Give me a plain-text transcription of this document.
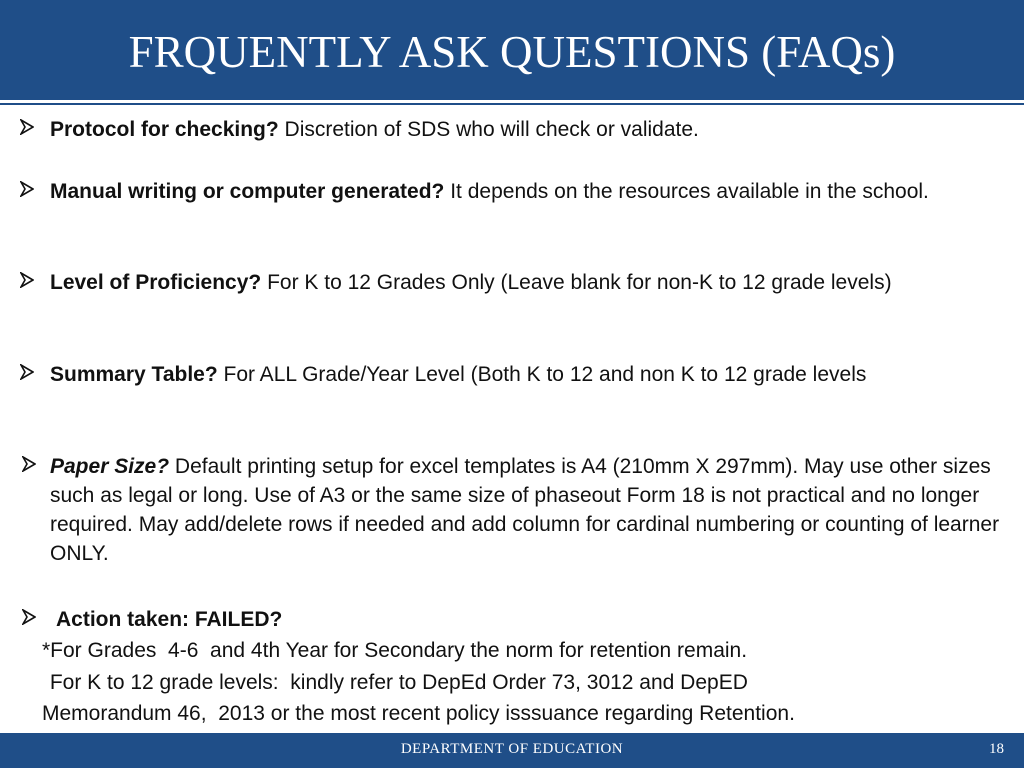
FRQUENTLY ASK QUESTIONS (FAQs)
Protocol for checking? Discretion of SDS who will check or validate.
Manual writing or computer generated? It depends on the resources available in the school.
Level of Proficiency? For K to 12 Grades Only (Leave blank for non-K to 12 grade levels)
Summary Table? For ALL Grade/Year Level (Both K to 12 and non K to 12 grade levels
Paper Size? Default printing setup for excel templates is A4 (210mm X 297mm). May use other sizes such as legal or long. Use of A3 or the same size of phaseout Form 18 is not practical and no longer required. May add/delete rows if needed and add column for cardinal numbering or counting of learner ONLY.
Action taken: FAILED?
*For Grades  4-6  and 4th Year for Secondary the norm for retention remain.
For K to 12 grade levels:  kindly refer to DepEd Order 73, 3012 and DepED
Memorandum 46,  2013 or the most recent policy isssuance regarding Retention.
DEPARTMENT OF EDUCATION	18
